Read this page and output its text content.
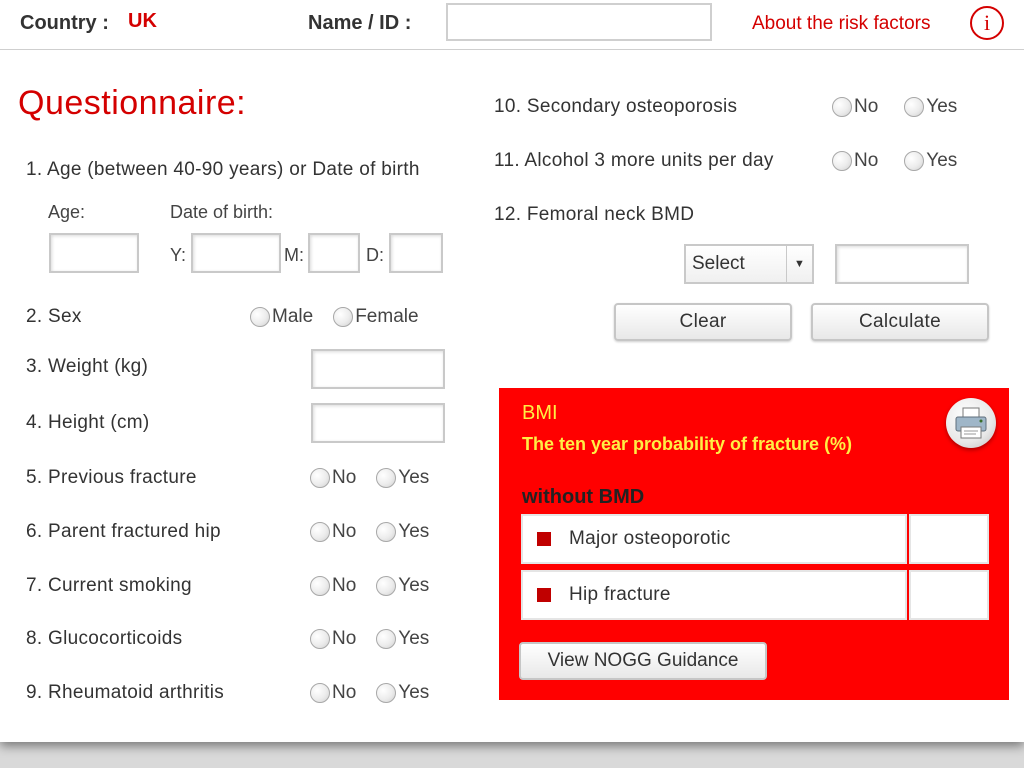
Country : UK	Name / ID :	About the risk factors	i
Questionnaire:
1. Age (between 40-90 years) or Date of birth
Age:	Date of birth:
Y:	M:	D:
2. Sex	Male Female
3. Weight (kg)
4. Height (cm)
5. Previous fracture	No Yes
6. Parent fractured hip	No Yes
7. Current smoking	No Yes
8. Glucocorticoids	No Yes
9. Rheumatoid arthritis	No Yes
10. Secondary osteoporosis	No	Yes
11. Alcohol 3 more units per day	No	Yes
12. Femoral neck BMD
Select	▼
Clear	Calculate
BMI
The ten year probability of fracture (%)
without BMD
Major osteoporotic
Hip fracture
View NOGG Guidance
